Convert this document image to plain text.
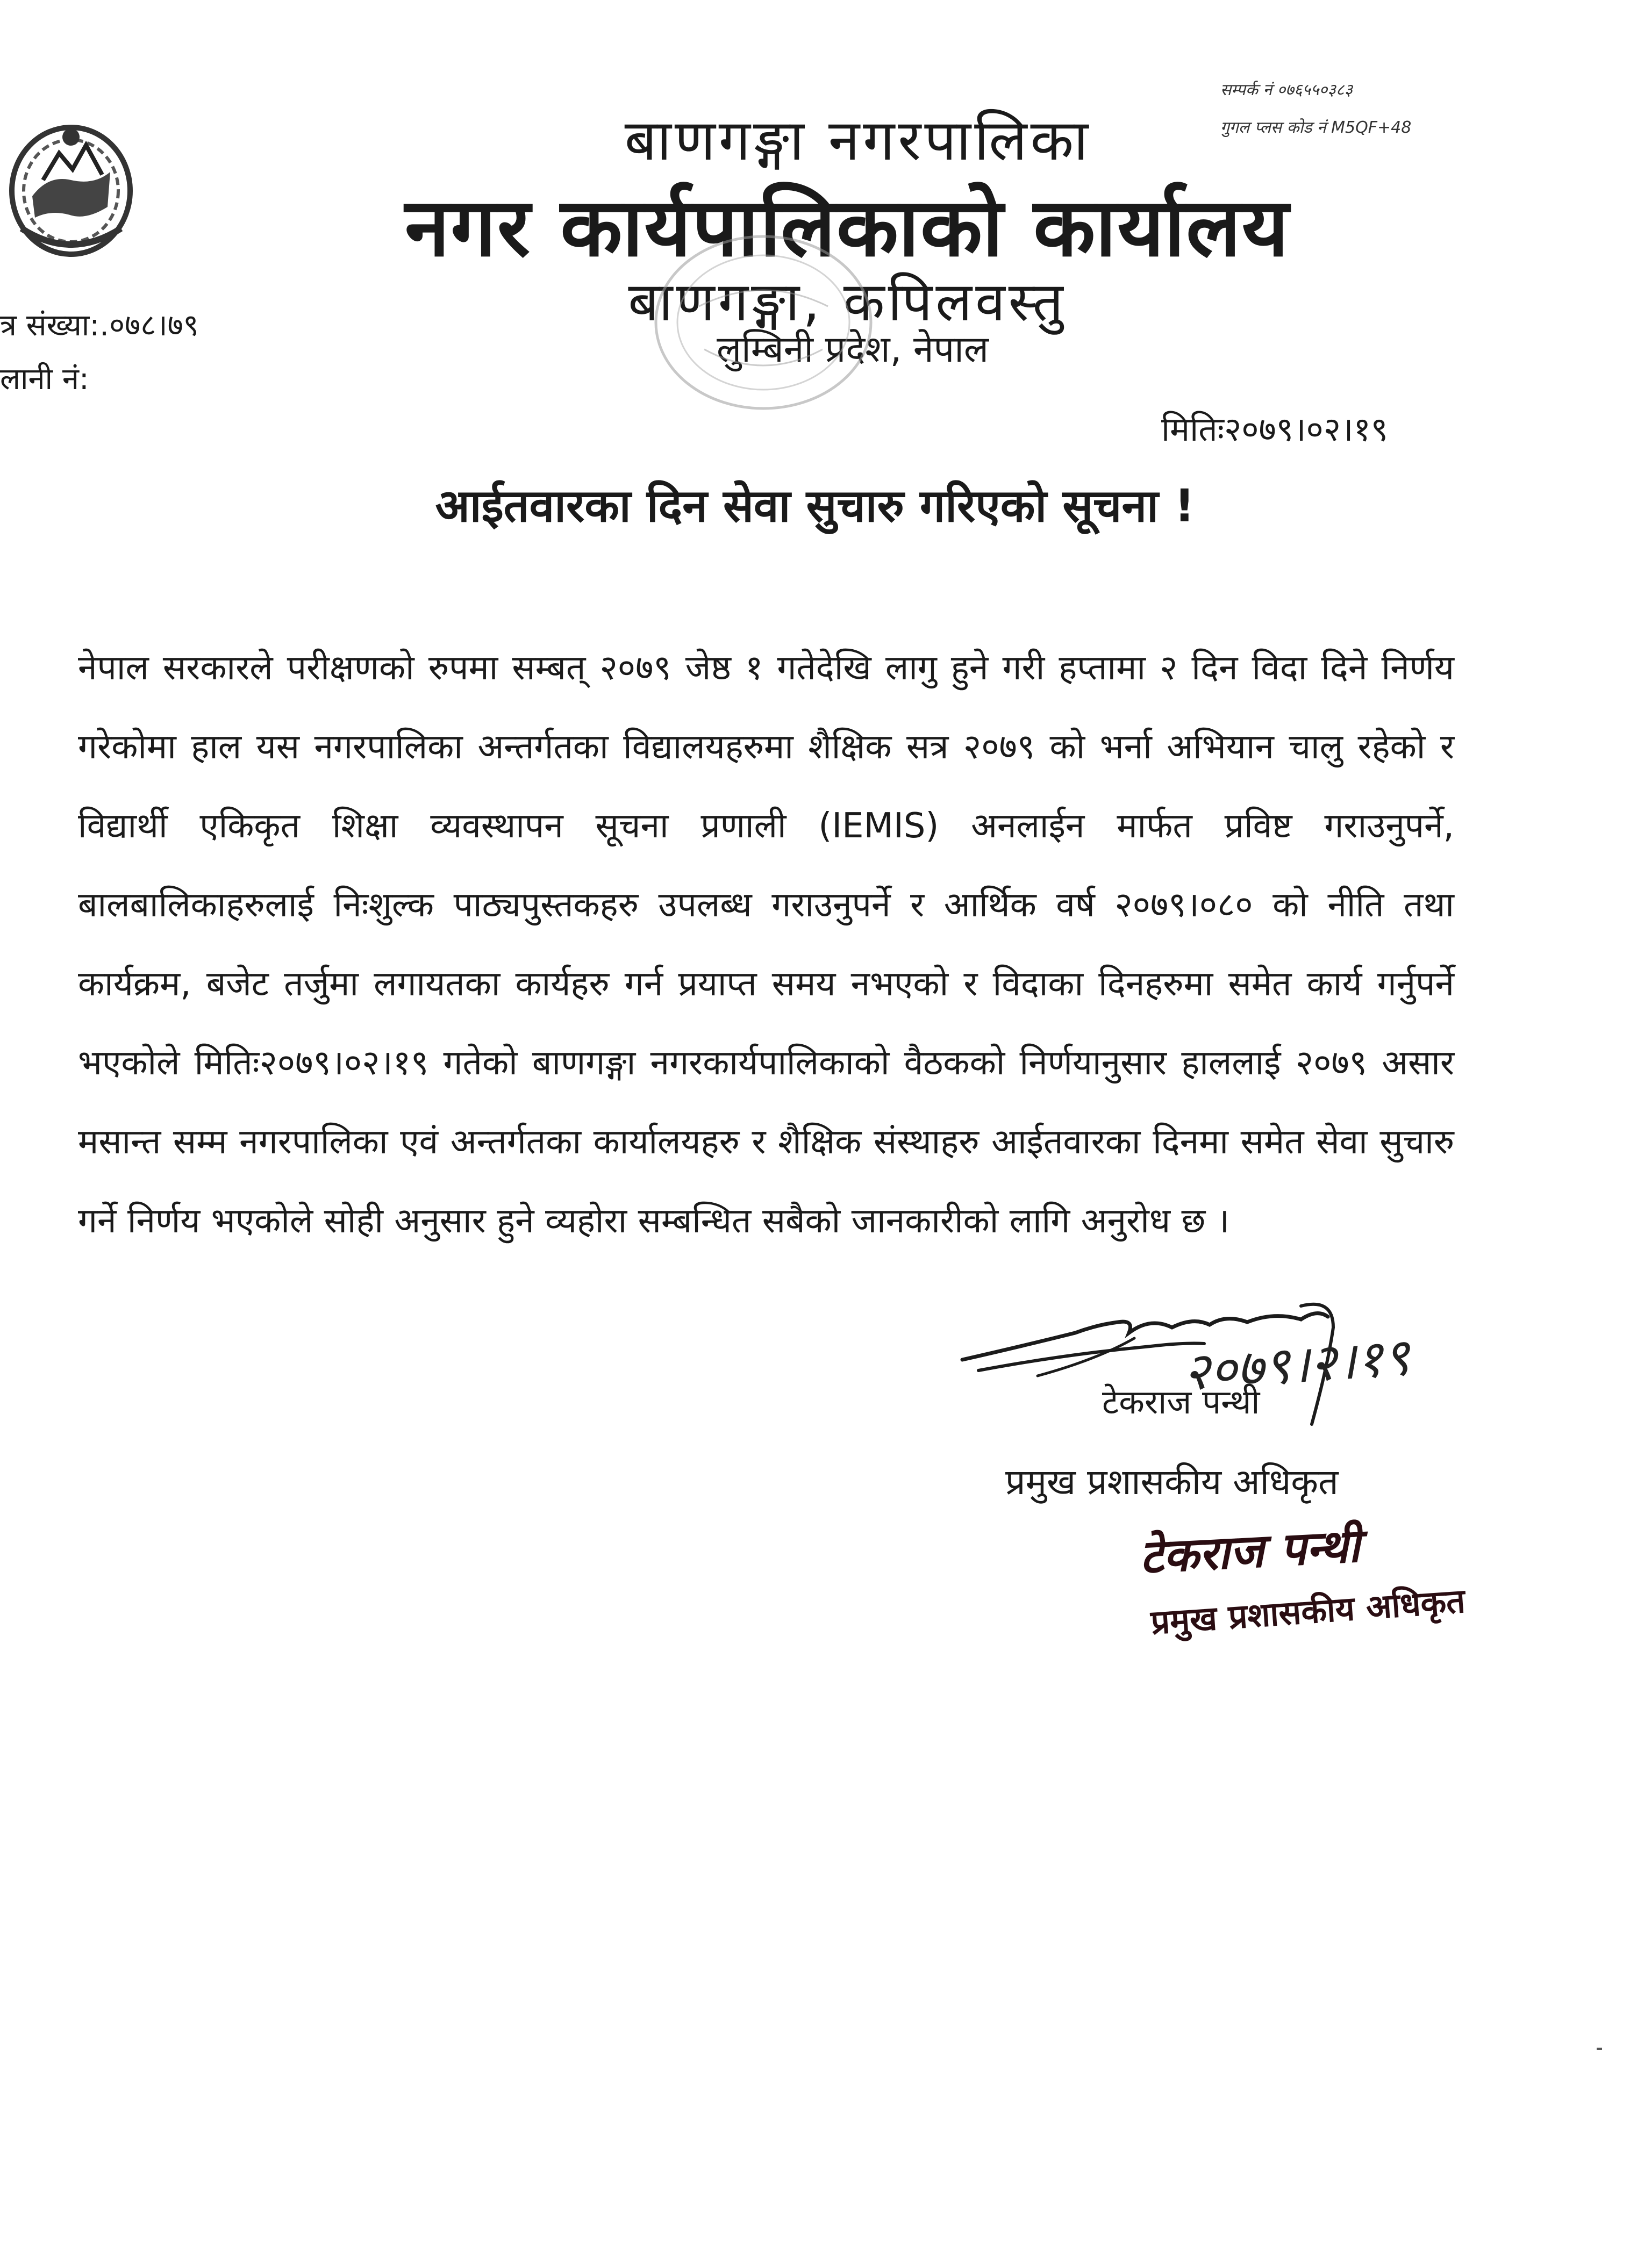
बाणगङ्गा नगरपालिका
नगर कार्यपालिकाको कार्यालय
बाणगङ्गा, कपिलवस्तु
लुम्बिनी प्रदेश, नेपाल
सम्पर्क नं ०७६५५०३८३
गुगल प्लस कोड नं M5QF+48
त्र संख्या:.०७८।७९
लानी नं:
मितिः२०७९।०२।१९
आईतवारका दिन सेवा सुचारु गरिएको सूचना !
नेपाल सरकारले परीक्षणको रुपमा सम्बत् २०७९ जेष्ठ १ गतेदेखि लागु हुने गरी हप्तामा २ दिन विदा दिने निर्णय गरेकोमा हाल यस नगरपालिका अन्तर्गतका विद्यालयहरुमा शैक्षिक सत्र २०७९ को भर्ना अभियान चालु रहेको र विद्यार्थी एकिकृत शिक्षा व्यवस्थापन सूचना प्रणाली (IEMIS) अनलाईन मार्फत प्रविष्ट गराउनुपर्ने, बालबालिकाहरुलाई निःशुल्क पाठ्यपुस्तकहरु उपलब्ध गराउनुपर्ने र आर्थिक वर्ष २०७९।०८० को नीति तथा कार्यक्रम, बजेट तर्जुमा लगायतका कार्यहरु गर्न प्रयाप्त समय नभएको र विदाका दिनहरुमा समेत कार्य गर्नुपर्ने भएकोले मितिः२०७९।०२।१९ गतेको बाणगङ्गा नगरकार्यपालिकाको वैठकको निर्णयानुसार हाललाई २०७९ असार मसान्त सम्म नगरपालिका एवं अन्तर्गतका कार्यालयहरु र शैक्षिक संस्थाहरु आईतवारका दिनमा समेत सेवा सुचारु गर्ने निर्णय भएकोले सोही अनुसार हुने व्यहोरा सम्बन्धित सबैको जानकारीको लागि अनुरोध छ ।
२०७९।२।१९
टेकराज पन्थी
प्रमुख प्रशासकीय अधिकृत
टेकराज पन्थी
प्रमुख प्रशासकीय अधिकृत
